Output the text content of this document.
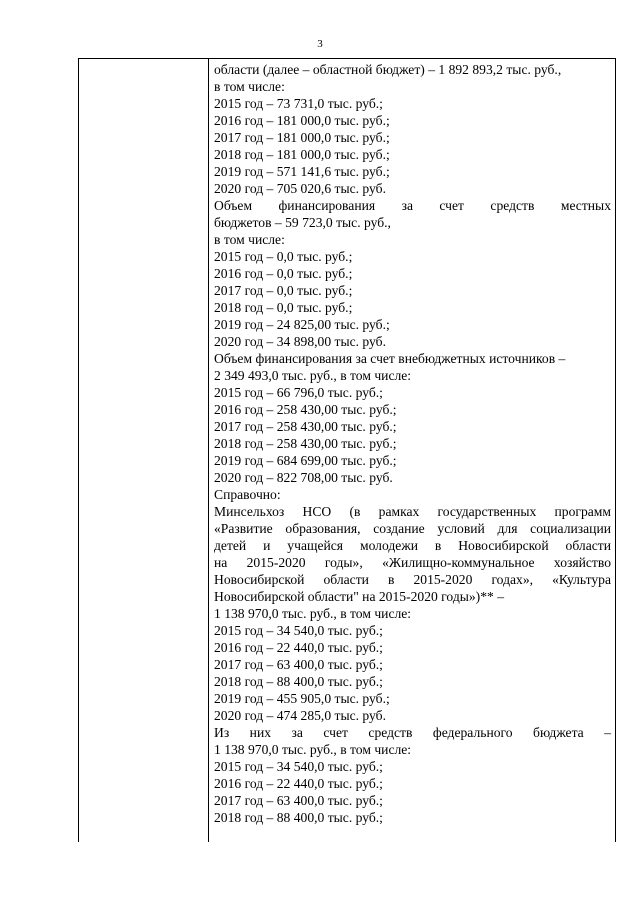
3
области (далее – областной бюджет) – 1 892 893,2 тыс. руб.,
в том числе:
2015 год – 73 731,0 тыс. руб.;
2016 год – 181 000,0 тыс. руб.;
2017 год – 181 000,0 тыс. руб.;
2018 год – 181 000,0 тыс. руб.;
2019 год – 571 141,6 тыс. руб.;
2020 год – 705 020,6 тыс. руб.
Объем финансирования за счет средств местных
бюджетов – 59 723,0 тыс. руб.,
в том числе:
2015 год – 0,0 тыс. руб.;
2016 год – 0,0 тыс. руб.;
2017 год – 0,0 тыс. руб.;
2018 год – 0,0 тыс. руб.;
2019 год – 24 825,00 тыс. руб.;
2020 год – 34 898,00 тыс. руб.
Объем финансирования за счет внебюджетных источников –
2 349 493,0 тыс. руб., в том числе:
2015 год – 66 796,0 тыс. руб.;
2016 год – 258 430,00 тыс. руб.;
2017 год – 258 430,00 тыс. руб.;
2018 год – 258 430,00 тыс. руб.;
2019 год – 684 699,00 тыс. руб.;
2020 год – 822 708,00 тыс. руб.
Справочно:
Минсельхоз НСО (в рамках государственных программ
«Развитие образования, создание условий для социализации
детей и учащейся молодежи в Новосибирской области
на 2015-2020 годы», «Жилищно-коммунальное хозяйство
Новосибирской области в 2015-2020 годах», «Культура
Новосибирской области" на 2015-2020 годы»)** –
1 138 970,0 тыс. руб., в том числе:
2015 год – 34 540,0 тыс. руб.;
2016 год – 22 440,0 тыс. руб.;
2017 год – 63 400,0 тыс. руб.;
2018 год – 88 400,0 тыс. руб.;
2019 год – 455 905,0 тыс. руб.;
2020 год – 474 285,0 тыс. руб.
Из них за счет средств федерального бюджета –
1 138 970,0 тыс. руб., в том числе:
2015 год – 34 540,0 тыс. руб.;
2016 год – 22 440,0 тыс. руб.;
2017 год – 63 400,0 тыс. руб.;
2018 год – 88 400,0 тыс. руб.;
